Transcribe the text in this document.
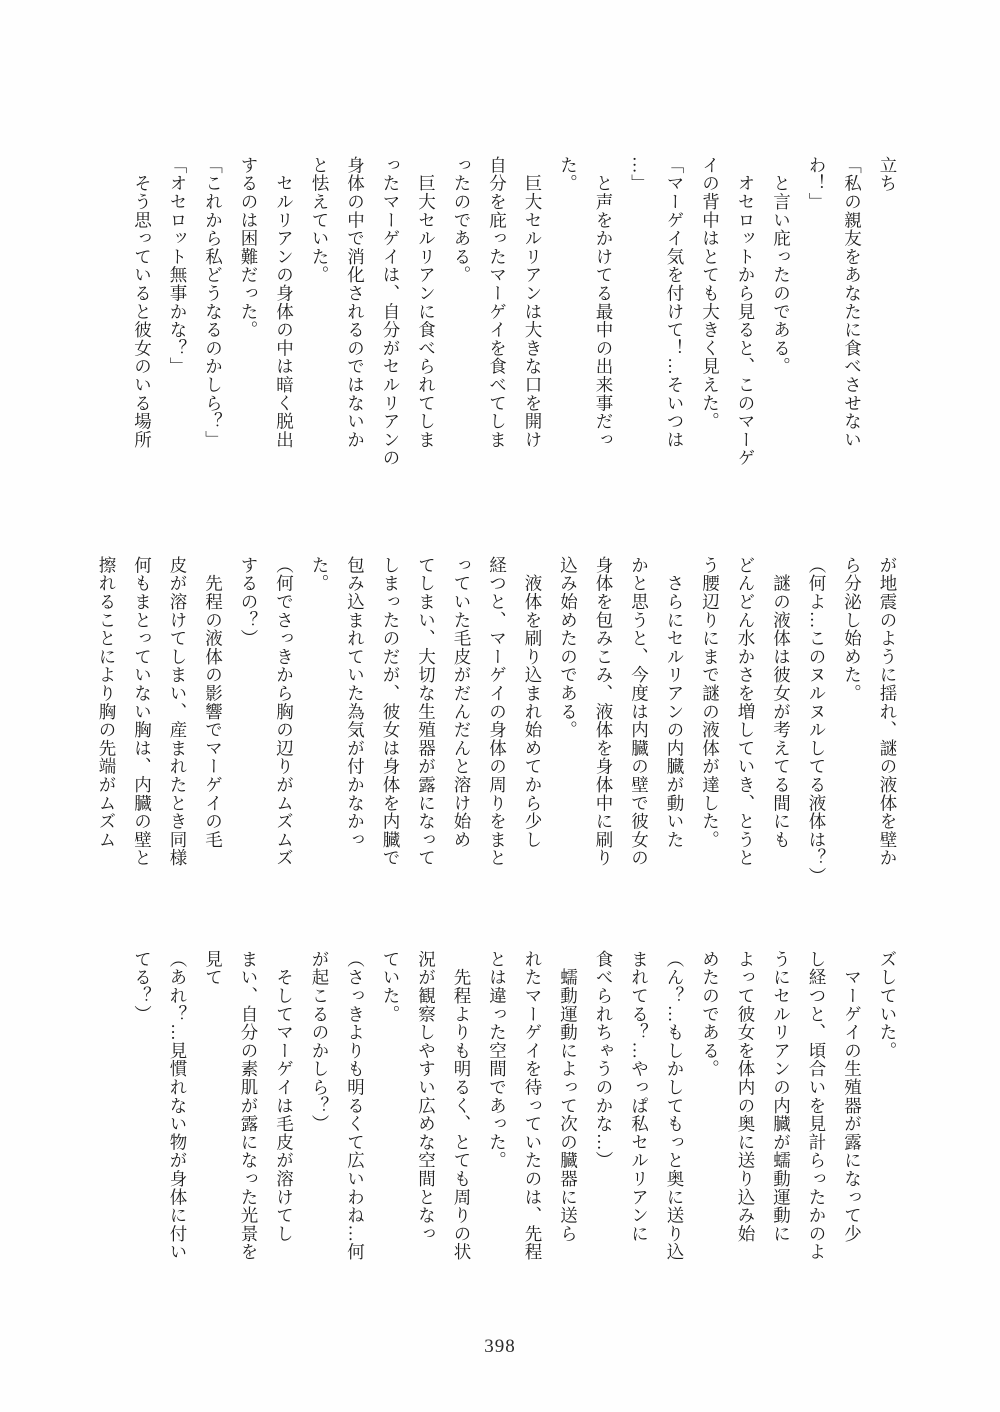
立ち
「私の親友をあなたに食べさせない
わ！」
　と言い庇ったのである。
　オセロットから見ると、このマーゲ
イの背中はとても大きく見えた。
「マーゲイ気を付けて！…そいつは
…」
　と声をかけてる最中の出来事だっ
た。
　巨大セルリアンは大きな口を開け
自分を庇ったマーゲイを食べてしま
ったのである。
　巨大セルリアンに食べられてしま
ったマーゲイは、自分がセルリアンの
身体の中で消化されるのではないか
と怯えていた。
　セルリアンの身体の中は暗く脱出
するのは困難だった。
「これから私どうなるのかしら？」
「オセロット無事かな？」
　そう思っていると彼女のいる場所
が地震のように揺れ、謎の液体を壁か
ら分泌し始めた。
（何よ…このヌルヌルしてる液体は？）
　謎の液体は彼女が考えてる間にも
どんどん水かさを増していき、とうと
う腰辺りにまで謎の液体が達した。
　さらにセルリアンの内臓が動いた
かと思うと、今度は内臓の壁で彼女の
身体を包みこみ、液体を身体中に刷り
込み始めたのである。
　液体を刷り込まれ始めてから少し
経つと、マーゲイの身体の周りをまと
っていた毛皮がだんだんと溶け始め
てしまい、大切な生殖器が露になって
しまったのだが、彼女は身体を内臓で
包み込まれていた為気が付かなかっ
た。
（何でさっきから胸の辺りがムズムズ
するの？）
　先程の液体の影響でマーゲイの毛
皮が溶けてしまい、産まれたとき同様
何もまとっていない胸は、内臓の壁と
擦れることにより胸の先端がムズム
ズしていた。
　マーゲイの生殖器が露になって少
し経つと、頃合いを見計らったかのよ
うにセルリアンの内臓が蠕動運動に
よって彼女を体内の奥に送り込み始
めたのである。
（ん？…もしかしてもっと奥に送り込
まれてる？…やっぱ私セルリアンに
食べられちゃうのかな…）
　蠕動運動によって次の臓器に送ら
れたマーゲイを待っていたのは、先程
とは違った空間であった。
　先程よりも明るく、とても周りの状
況が観察しやすい広めな空間となっ
ていた。
（さっきよりも明るくて広いわね…何
が起こるのかしら？）
　そしてマーゲイは毛皮が溶けてし
まい、自分の素肌が露になった光景を
見て
（あれ？…見慣れない物が身体に付い
てる？）
398
